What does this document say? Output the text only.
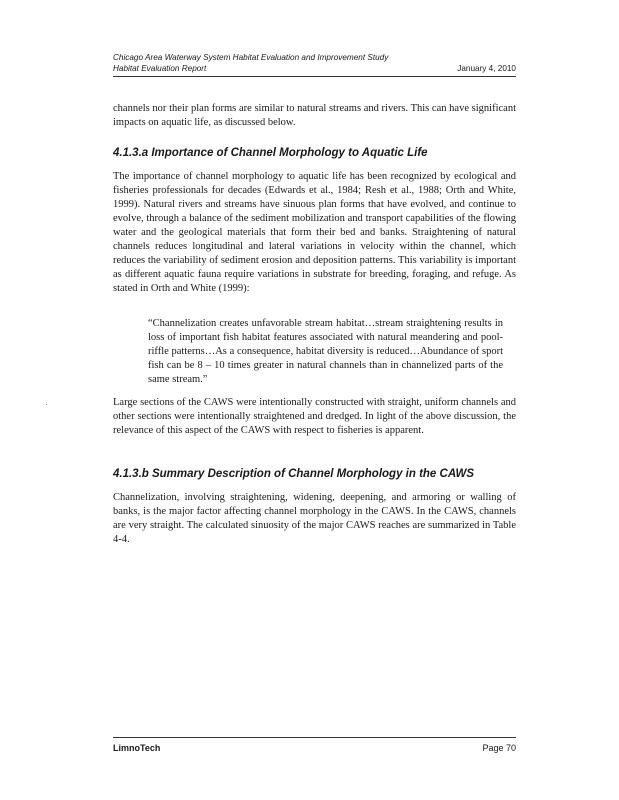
Chicago Area Waterway System Habitat Evaluation and Improvement Study
Habitat Evaluation Report	January 4, 2010

channels nor their plan forms are similar to natural streams and rivers. This can have significant impacts on aquatic life, as discussed below.

4.1.3.a Importance of Channel Morphology to Aquatic Life

The importance of channel morphology to aquatic life has been recognized by ecological and fisheries professionals for decades (Edwards et al., 1984; Resh et al., 1988; Orth and White, 1999). Natural rivers and streams have sinuous plan forms that have evolved, and continue to evolve, through a balance of the sediment mobilization and transport capabilities of the flowing water and the geological materials that form their bed and banks. Straightening of natural channels reduces longitudinal and lateral variations in velocity within the channel, which reduces the variability of sediment erosion and deposition patterns. This variability is important as different aquatic fauna require variations in substrate for breeding, foraging, and refuge. As stated in Orth and White (1999):

“Channelization creates unfavorable stream habitat…stream straightening results in loss of important fish habitat features associated with natural meandering and pool-riffle patterns…As a consequence, habitat diversity is reduced…Abundance of sport fish can be 8 – 10 times greater in natural channels than in channelized parts of the same stream.”

Large sections of the CAWS were intentionally constructed with straight, uniform channels and other sections were intentionally straightened and dredged. In light of the above discussion, the relevance of this aspect of the CAWS with respect to fisheries is apparent.

4.1.3.b Summary Description of Channel Morphology in the CAWS

Channelization, involving straightening, widening, deepening, and armoring or walling of banks, is the major factor affecting channel morphology in the CAWS. In the CAWS, channels are very straight. The calculated sinuosity of the major CAWS reaches are summarized in Table 4-4.

LimnoTech	Page 70
